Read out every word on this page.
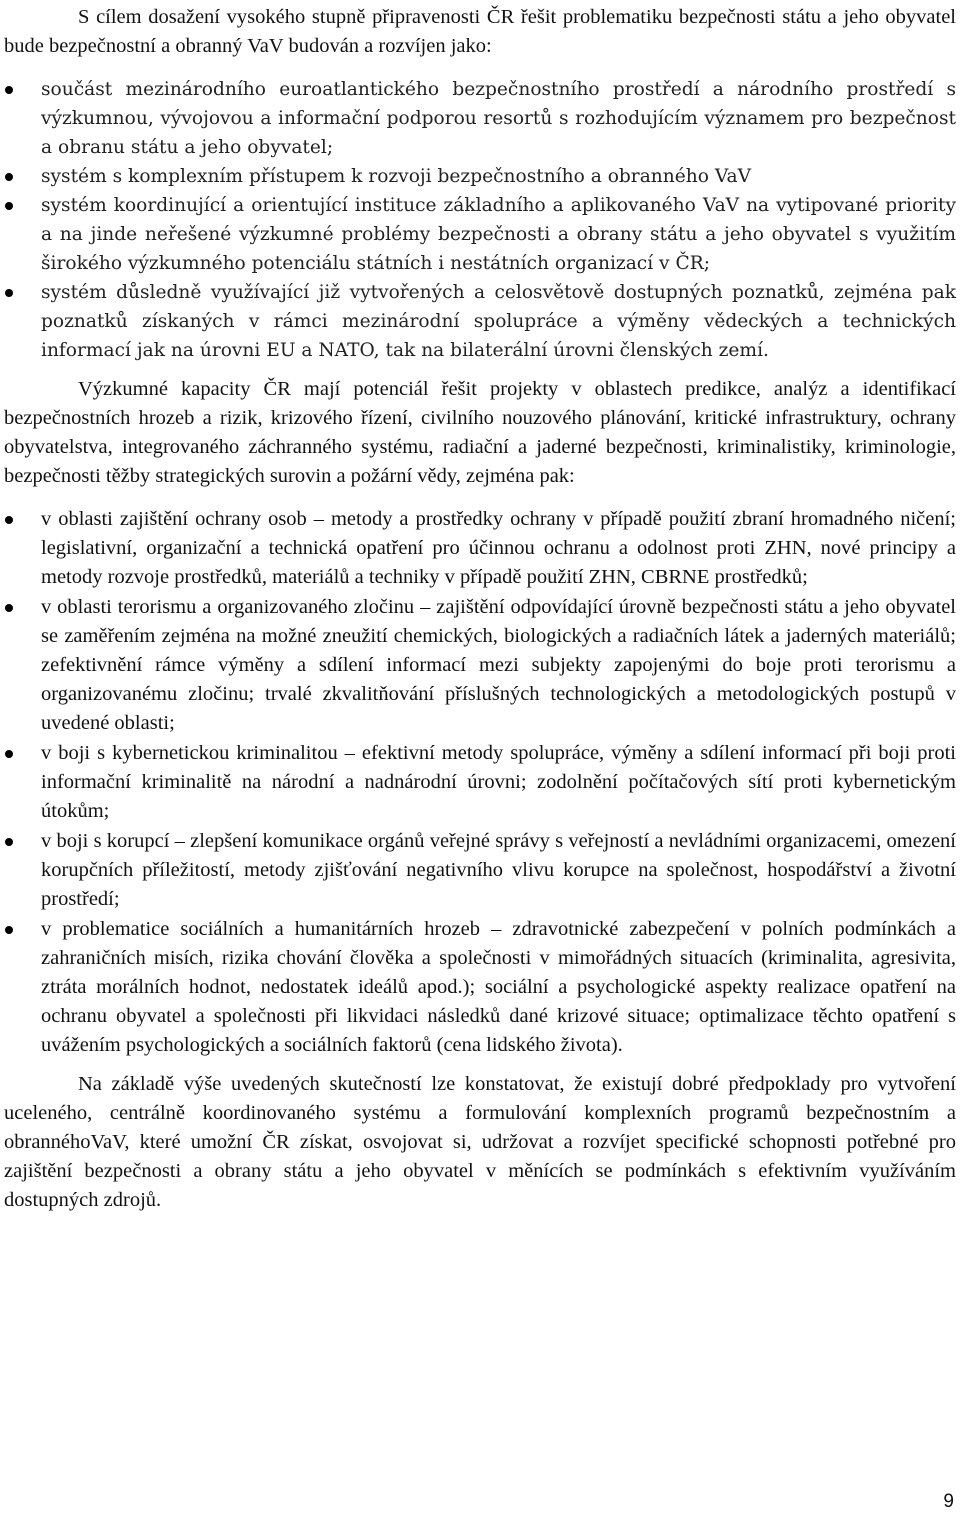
S cílem dosažení vysokého stupně připravenosti ČR řešit problematiku bezpečnosti státu a jeho obyvatel bude bezpečnostní a obranný VaV budován a rozvíjen jako:

součást mezinárodního euroatlantického bezpečnostního prostředí a národního prostředí s výzkumnou, vývojovou a informační podporou resortů s rozhodujícím významem pro bezpečnost a obranu státu a jeho obyvatel;
systém s komplexním přístupem k rozvoji bezpečnostního a obranného VaV
systém koordinující a orientující instituce základního a aplikovaného VaV na vytipované priority a na jinde neřešené výzkumné problémy bezpečnosti a obrany státu a jeho obyvatel s využitím širokého výzkumného potenciálu státních i nestátních organizací v ČR;
systém důsledně využívající již vytvořených a celosvětově dostupných poznatků, zejména pak poznatků získaných v rámci mezinárodní spolupráce a výměny vědeckých a technických informací jak na úrovni EU a NATO, tak na bilaterální úrovni členských zemí.

Výzkumné kapacity ČR mají potenciál řešit projekty v oblastech predikce, analýz a identifikací bezpečnostních hrozeb a rizik, krizového řízení, civilního nouzového plánování, kritické infrastruktury, ochrany obyvatelstva, integrovaného záchranného systému, radiační a jaderné bezpečnosti, kriminalistiky, kriminologie, bezpečnosti těžby strategických surovin a požární vědy, zejména pak:

v oblasti zajištění ochrany osob – metody a prostředky ochrany v případě použití zbraní hromadného ničení; legislativní, organizační a technická opatření pro účinnou ochranu a odolnost proti ZHN, nové principy a metody rozvoje prostředků, materiálů a techniky v případě použití ZHN, CBRNE prostředků;
v oblasti terorismu a organizovaného zločinu – zajištění odpovídající úrovně bezpečnosti státu a jeho obyvatel se zaměřením zejména na možné zneužití chemických, biologických a radiačních látek a jaderných materiálů; zefektivnění rámce výměny a sdílení informací mezi subjekty zapojenými do boje proti terorismu a organizovanému zločinu; trvalé zkvalitňování příslušných technologických a metodologických postupů v uvedené oblasti;
v boji s kybernetickou kriminalitou – efektivní metody spolupráce, výměny a sdílení informací při boji proti informační kriminalitě na národní a nadnárodní úrovni; zodolnění počítačových sítí proti kybernetickým útokům;
v boji s korupcí – zlepšení komunikace orgánů veřejné správy s veřejností a nevládními organizacemi, omezení korupčních příležitostí, metody zjišťování negativního vlivu korupce na společnost, hospodářství a životní prostředí;
v problematice sociálních a humanitárních hrozeb – zdravotnické zabezpečení v polních podmínkách a zahraničních misích, rizika chování člověka a společnosti v mimořádných situacích (kriminalita, agresivita, ztráta morálních hodnot, nedostatek ideálů apod.); sociální a psychologické aspekty realizace opatření na ochranu obyvatel a společnosti při likvidaci následků dané krizové situace; optimalizace těchto opatření s uvážením psychologických a sociálních faktorů (cena lidského života).

Na základě výše uvedených skutečností lze konstatovat, že existují dobré předpoklady pro vytvoření uceleného, centrálně koordinovaného systému a formulování komplexních programů bezpečnostním a obrannéhoVaV, které umožní ČR získat, osvojovat si, udržovat a rozvíjet specifické schopnosti potřebné pro zajištění bezpečnosti a obrany státu a jeho obyvatel v měnících se podmínkách s efektivním využíváním dostupných zdrojů.

9
